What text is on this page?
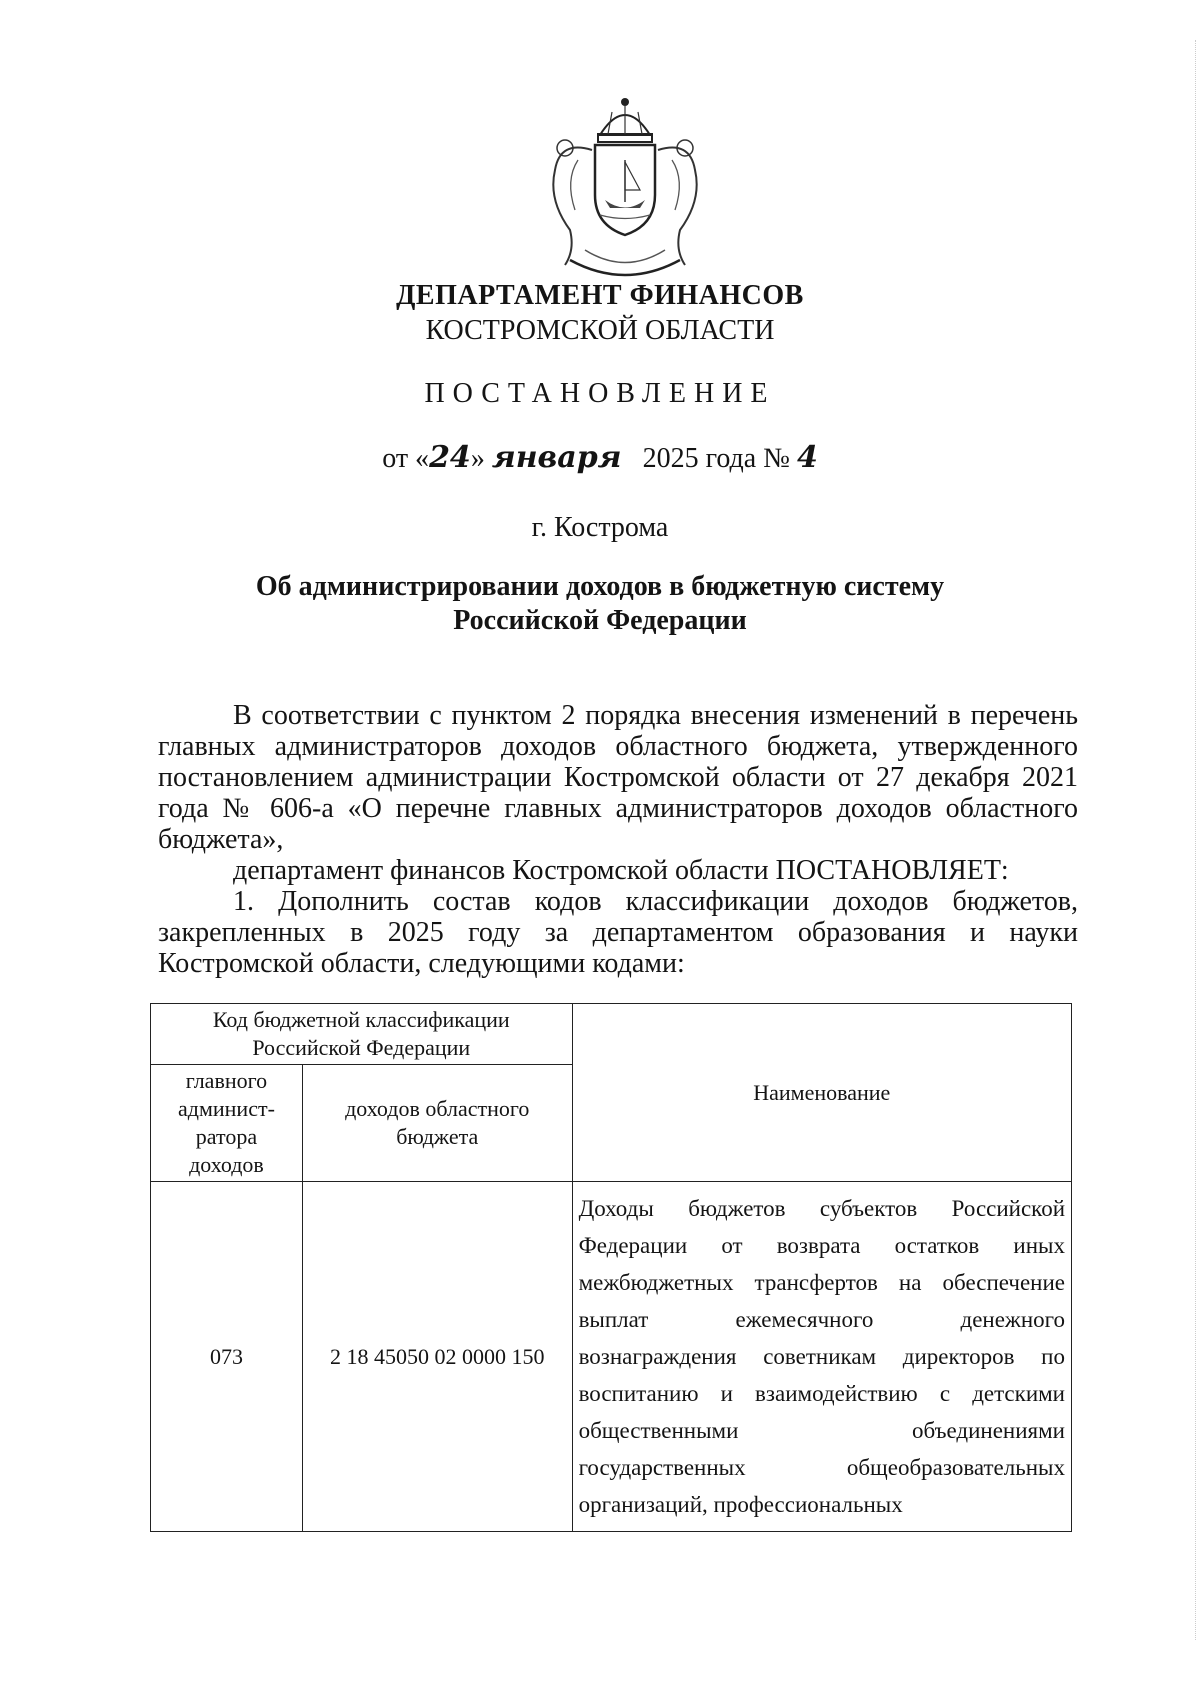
ДЕПАРТАМЕНТ ФИНАНСОВ
КОСТРОМСКОЙ ОБЛАСТИ
ПОСТАНОВЛЕНИЕ
от «24» января 2025 года № 4
г. Кострома
Об администрировании доходов в бюджетную систему
Российской Федерации
В соответствии с пунктом 2 порядка внесения изменений в перечень главных администраторов доходов областного бюджета, утвержденного постановлением администрации Костромской области от 27 декабря 2021 года № 606-а «О перечне главных администраторов доходов областного бюджета»,
департамент финансов Костромской области ПОСТАНОВЛЯЕТ:
1. Дополнить состав кодов классификации доходов бюджетов, закрепленных в 2025 году за департаментом образования и науки Костромской области, следующими кодами:
Код бюджетной классификации Российской Федерации		Наименование
главного админист-ратора доходов	доходов областного бюджета	
073	2 18 45050 02 0000 150	Доходы бюджетов субъектов Российской Федерации от возврата остатков иных межбюджетных трансфертов на обеспечение выплат ежемесячного денежного вознаграждения советникам директоров по воспитанию и взаимодействию с детскими общественными объединениями государственных общеобразовательных организаций, профессиональных
